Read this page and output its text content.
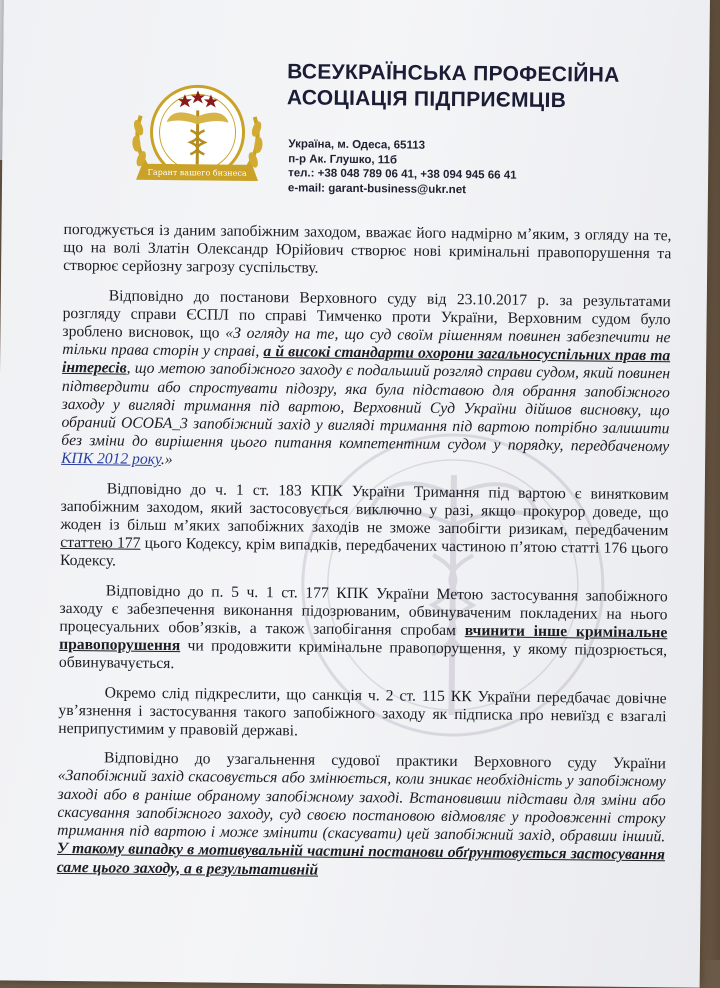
Гарант вашего бизнеса
ВСЕУКРАЇНСЬКА ПРОФЕСІЙНА
АСОЦІАЦІЯ ПІДПРИЄМЦІВ
Україна, м. Одеса, 65113
п-р Ак. Глушко, 11б
тел.: +38 048 789 06 41, +38 094 945 66 41
e-mail: garant-business@ukr.net

погоджується із даним запобіжним заходом, вважає його надмірно м’яким, з огляду на те, що на волі Златін Олександр Юрійович створює нові кримінальні правопорушення та створює серйозну загрозу суспільству.

Відповідно до постанови Верховного суду від 23.10.2017 р. за результатами розгляду справи ЄСПЛ по справі Тимченко проти України, Верховним судом було зроблено висновок, що «З огляду на те, що суд своїм рішенням повинен забезпечити не тільки права сторін у справі, а й високі стандарти охорони загальносуспільних прав та інтересів, що метою запобіжного заходу є подальший розгляд справи судом, який повинен підтвердити або спростувати підозру, яка була підставою для обрання запобіжного заходу у вигляді тримання під вартою, Верховний Суд України дійшов висновку, що обраний ОСОБА_3 запобіжний захід у вигляді тримання під вартою потрібно залишити без зміни до вирішення цього питання компетентним судом у порядку, передбаченому КПК 2012 року.»

Відповідно до ч. 1 ст. 183 КПК України Тримання під вартою є винятковим запобіжним заходом, який застосовується виключно у разі, якщо прокурор доведе, що жоден із більш м’яких запобіжних заходів не зможе запобігти ризикам, передбаченим статтею 177 цього Кодексу, крім випадків, передбачених частиною п’ятою статті 176 цього Кодексу.

Відповідно до п. 5 ч. 1 ст. 177 КПК України Метою застосування запобіжного заходу є забезпечення виконання підозрюваним, обвинуваченим покладених на нього процесуальних обов’язків, а також запобігання спробам вчинити інше кримінальне правопорушення чи продовжити кримінальне правопорушення, у якому підозрюється, обвинувачується.

Окремо слід підкреслити, що санкція ч. 2 ст. 115 КК України передбачає довічне ув’язнення і застосування такого запобіжного заходу як підписка про невиїзд є взагалі неприпустимим у правовій державі.

Відповідно до узагальнення судової практики Верховного суду України «Запобіжний захід скасовується або змінюється, коли зникає необхідність у запобіжному заході або в раніше обраному запобіжному заході. Встановивши підстави для зміни або скасування запобіжного заходу, суд своєю постановою відмовляє у продовженні строку тримання під вартою і може змінити (скасувати) цей запобіжний захід, обравши інший. У такому випадку в мотивувальній частині постанови обґрунтовується застосування саме цього заходу, а в результативній
